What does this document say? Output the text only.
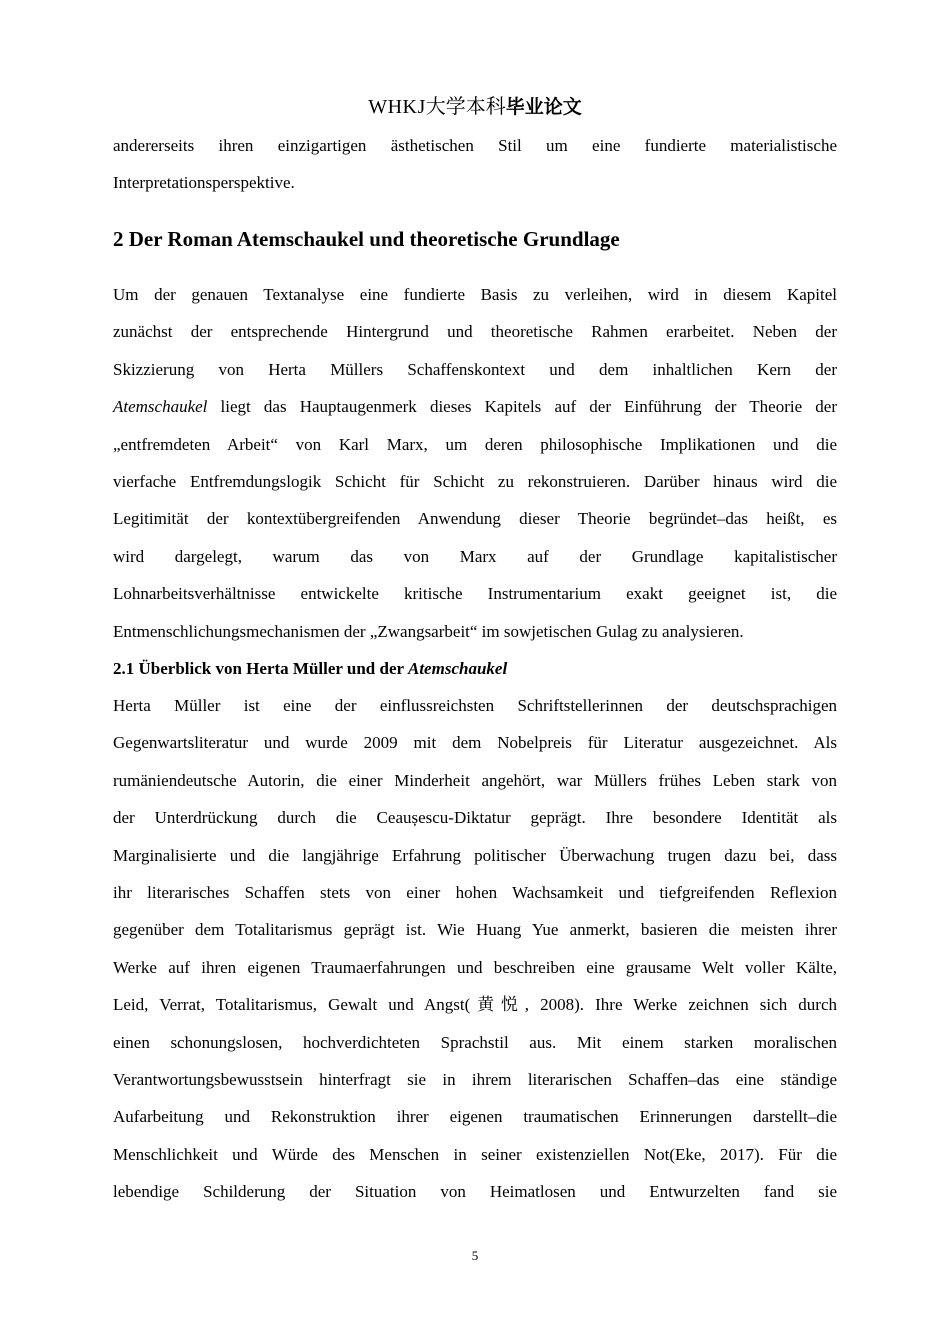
WHKJ大学本科毕业论文
andererseits ihren einzigartigen ästhetischen Stil um eine fundierte materialistische
Interpretationsperspektive.
2 Der Roman Atemschaukel und theoretische Grundlage
Um der genauen Textanalyse eine fundierte Basis zu verleihen, wird in diesem Kapitel
zunächst der entsprechende Hintergrund und theoretische Rahmen erarbeitet. Neben der
Skizzierung von Herta Müllers Schaffenskontext und dem inhaltlichen Kern der
Atemschaukel liegt das Hauptaugenmerk dieses Kapitels auf der Einführung der Theorie der
„entfremdeten Arbeit“ von Karl Marx, um deren philosophische Implikationen und die
vierfache Entfremdungslogik Schicht für Schicht zu rekonstruieren. Darüber hinaus wird die
Legitimität der kontextübergreifenden Anwendung dieser Theorie begründet–das heißt, es
wird dargelegt, warum das von Marx auf der Grundlage kapitalistischer
Lohnarbeitsverhältnisse entwickelte kritische Instrumentarium exakt geeignet ist, die
Entmenschlichungsmechanismen der „Zwangsarbeit“ im sowjetischen Gulag zu analysieren.
2.1 Überblick von Herta Müller und der Atemschaukel
Herta Müller ist eine der einflussreichsten Schriftstellerinnen der deutschsprachigen
Gegenwartsliteratur und wurde 2009 mit dem Nobelpreis für Literatur ausgezeichnet. Als
rumäniendeutsche Autorin, die einer Minderheit angehört, war Müllers frühes Leben stark von
der Unterdrückung durch die Ceaușescu-Diktatur geprägt. Ihre besondere Identität als
Marginalisierte und die langjährige Erfahrung politischer Überwachung trugen dazu bei, dass
ihr literarisches Schaffen stets von einer hohen Wachsamkeit und tiefgreifenden Reflexion
gegenüber dem Totalitarismus geprägt ist. Wie Huang Yue anmerkt, basieren die meisten ihrer
Werke auf ihren eigenen Traumaerfahrungen und beschreiben eine grausame Welt voller Kälte,
Leid, Verrat, Totalitarismus, Gewalt und Angst(黄悦, 2008). Ihre Werke zeichnen sich durch
einen schonungslosen, hochverdichteten Sprachstil aus. Mit einem starken moralischen
Verantwortungsbewusstsein hinterfragt sie in ihrem literarischen Schaffen–das eine ständige
Aufarbeitung und Rekonstruktion ihrer eigenen traumatischen Erinnerungen darstellt–die
Menschlichkeit und Würde des Menschen in seiner existenziellen Not(Eke, 2017). Für die
lebendige Schilderung der Situation von Heimatlosen und Entwurzelten fand sie
5
